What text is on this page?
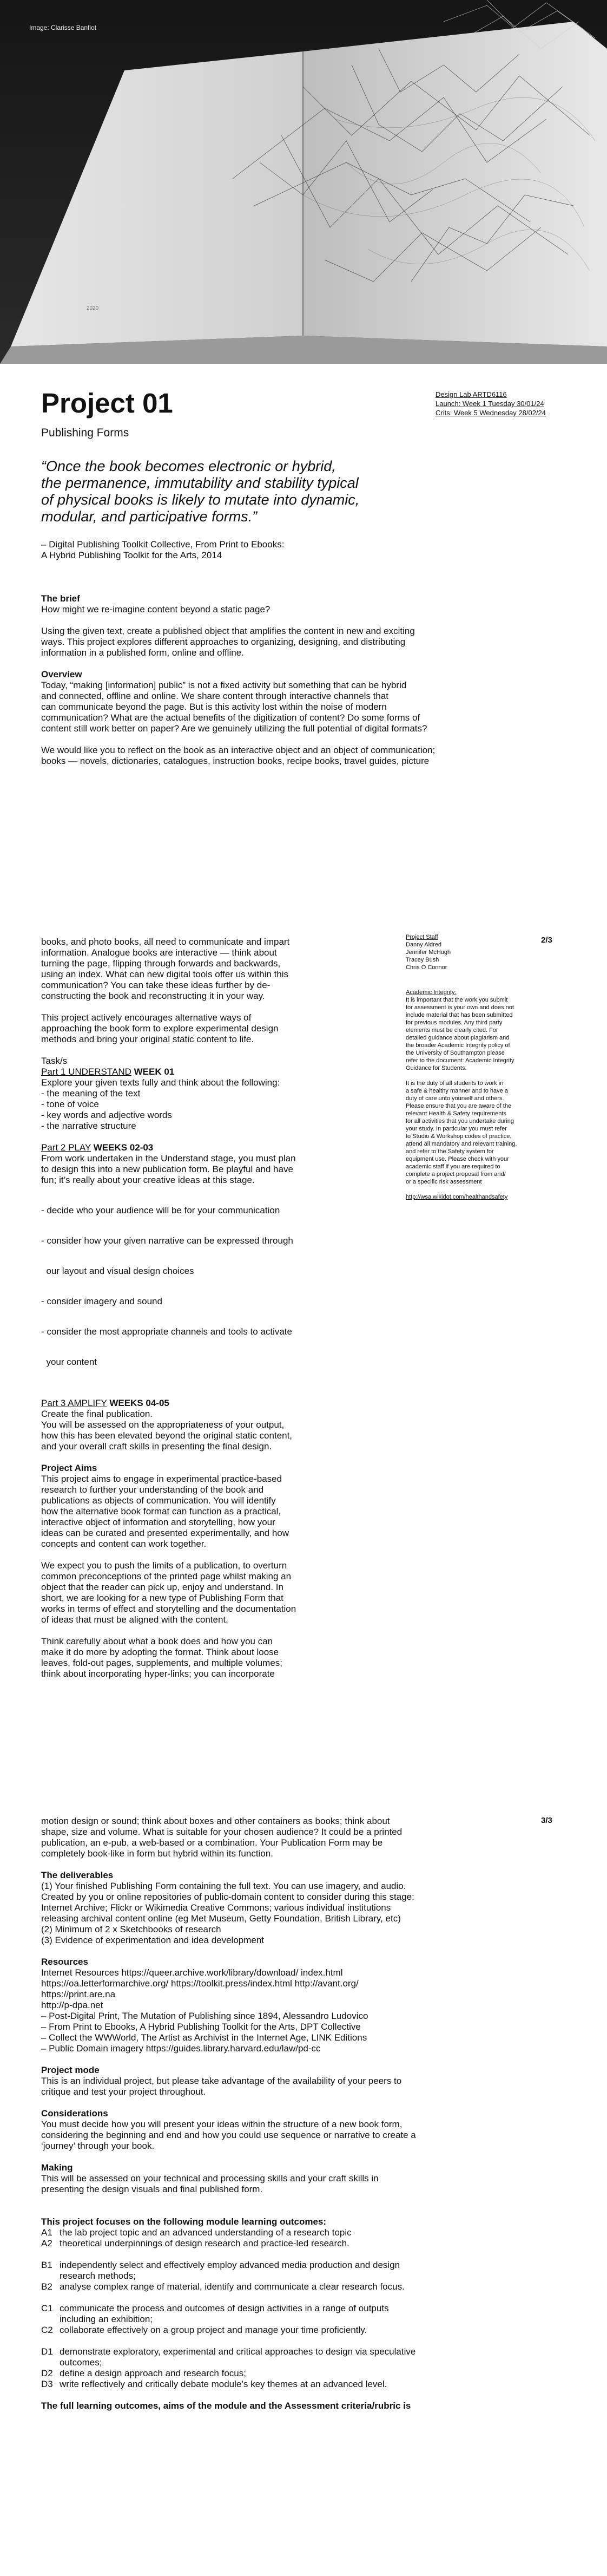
2020
Image: Clarisse Banfiot
Project 01
Publishing Forms
Design Lab ARTD6116
Launch: Week 1 Tuesday 30/01/24
Crits: Week 5 Wednesday 28/02/24
“Once the book becomes electronic or hybrid,
the permanence, immutability and stability typical
of physical books is likely to mutate into dynamic,
modular, and participative forms.”
– Digital Publishing Toolkit Collective, From Print to Ebooks:
A Hybrid Publishing Toolkit for the Arts, 2014
The brief
How might we re-imagine content beyond a static page?
Using the given text, create a published object that amplifies the content in new and exciting
ways. This project explores different approaches to organizing, designing, and distributing
information in a published form, online and offline.
Overview
Today, “making [information] public” is not a fixed activity but something that can be hybrid
and connected, offline and online. We share content through interactive channels that
can communicate beyond the page. But is this activity lost within the noise of modern
communication? What are the actual benefits of the digitization of content? Do some forms of
content still work better on paper? Are we genuinely utilizing the full potential of digital formats?
We would like you to reflect on the book as an interactive object and an object of communication;
books — novels, dictionaries, catalogues, instruction books, recipe books, travel guides, picture
2/3
books, and photo books, all need to communicate and impart
information. Analogue books are interactive — think about
turning the page, flipping through forwards and backwards,
using an index. What can new digital tools offer us within this
communication? You can take these ideas further by de-
constructing the book and reconstructing it in your way.
This project actively encourages alternative ways of
approaching the book form to explore experimental design
methods and bring your original static content to life.
Task/s
Part 1 UNDERSTAND WEEK 01
Explore your given texts fully and think about the following:
- the meaning of the text
- tone of voice
- key words and adjective words
- the narrative structure
Part 2 PLAY WEEKS 02-03
From work undertaken in the Understand stage, you must plan
to design this into a new publication form. Be playful and have
fun; it’s really about your creative ideas at this stage.

- decide who your audience will be for your communication

- consider how your given narrative can be expressed through

our layout and visual design choices

- consider imagery and sound

- consider the most appropriate channels and tools to activate

your content

Part 3 AMPLIFY WEEKS 04-05
Create the final publication.
You will be assessed on the appropriateness of your output,
how this has been elevated beyond the original static content,
and your overall craft skills in presenting the final design.
Project Aims
This project aims to engage in experimental practice-based
research to further your understanding of the book and
publications as objects of communication. You will identify
how the alternative book format can function as a practical,
interactive object of information and storytelling, how your
ideas can be curated and presented experimentally, and how
concepts and content can work together.
We expect you to push the limits of a publication, to overturn
common preconceptions of the printed page whilst making an
object that the reader can pick up, enjoy and understand. In
short, we are looking for a new type of Publishing Form that
works in terms of effect and storytelling and the documentation
of ideas that must be aligned with the content.
Think carefully about what a book does and how you can
make it do more by adopting the format. Think about loose
leaves, fold-out pages, supplements, and multiple volumes;
think about incorporating hyper-links; you can incorporate
Project Staff
Danny Aldred
Jennifer McHugh
Tracey Bush
Chris O Connor
Academic Integrity:
It is important that the work you submit
for assessment is your own and does not
include material that has been submitted
for previous modules. Any third party
elements must be clearly cited. For
detailed guidance about plagiarism and
the broader Academic Integrity policy of
the University of Southampton please
refer to the document: Academic Integrity
Guidance for Students.
It is the duty of all students to work in
a safe & healthy manner and to have a
duty of care unto yourself and others.
Please ensure that you are aware of the
relevant Health & Safety requirements
for all activities that you undertake during
your study. In particular you must refer
to Studio & Workshop codes of practice,
attend all mandatory and relevant training,
and refer to the Safety system for
equipment use. Please check with your
academic staff if you are required to
complete a project proposal from and/
or a specific risk assessment
http://wsa.wikidot.com/healthandsafety
3/3
motion design or sound; think about boxes and other containers as books; think about
shape, size and volume. What is suitable for your chosen audience? It could be a printed
publication, an e-pub, a web-based or a combination. Your Publication Form may be
completely book-like in form but hybrid within its function.
The deliverables
(1) Your finished Publishing Form containing the full text. You can use imagery, and audio.
Created by you or online repositories of public-domain content to consider during this stage:
Internet Archive; Flickr or Wikimedia Creative Commons; various individual institutions
releasing archival content online (eg Met Museum, Getty Foundation, British Library, etc)
(2) Minimum of 2 x Sketchbooks of research
(3) Evidence of experimentation and idea development
Resources
Internet Resources https://queer.archive.work/library/download/ index.html
https://oa.letterformarchive.org/ https://toolkit.press/index.html http://avant.org/
https://print.are.na
http://p-dpa.net
– Post-Digital Print, The Mutation of Publishing since 1894, Alessandro Ludovico
– From Print to Ebooks, A Hybrid Publishing Toolkit for the Arts, DPT Collective
– Collect the WWWorld, The Artist as Archivist in the Internet Age, LINK Editions
– Public Domain imagery https://guides.library.harvard.edu/law/pd-cc
Project mode
This is an individual project, but please take advantage of the availability of your peers to
critique and test your project throughout.
Considerations
You must decide how you will present your ideas within the structure of a new book form,
considering the beginning and end and how you could use sequence or narrative to create a
‘journey’ through your book.
Making
This will be assessed on your technical and processing skills and your craft skills in
presenting the design visuals and final published form.
This project focuses on the following module learning outcomes:
A1 the lab project topic and an advanced understanding of a research topic
A2 theoretical underpinnings of design research and practice-led research.
B1 independently select and effectively employ advanced media production and design
research methods;
B2 analyse complex range of material, identify and communicate a clear research focus.
C1 communicate the process and outcomes of design activities in a range of outputs
including an exhibition;
C2 collaborate effectively on a group project and manage your time proficiently.
D1 demonstrate exploratory, experimental and critical approaches to design via speculative
outcomes;
D2 define a design approach and research focus;
D3 write reflectively and critically debate module’s key themes at an advanced level.
The full learning outcomes, aims of the module and the Assessment criteria/rubric is
